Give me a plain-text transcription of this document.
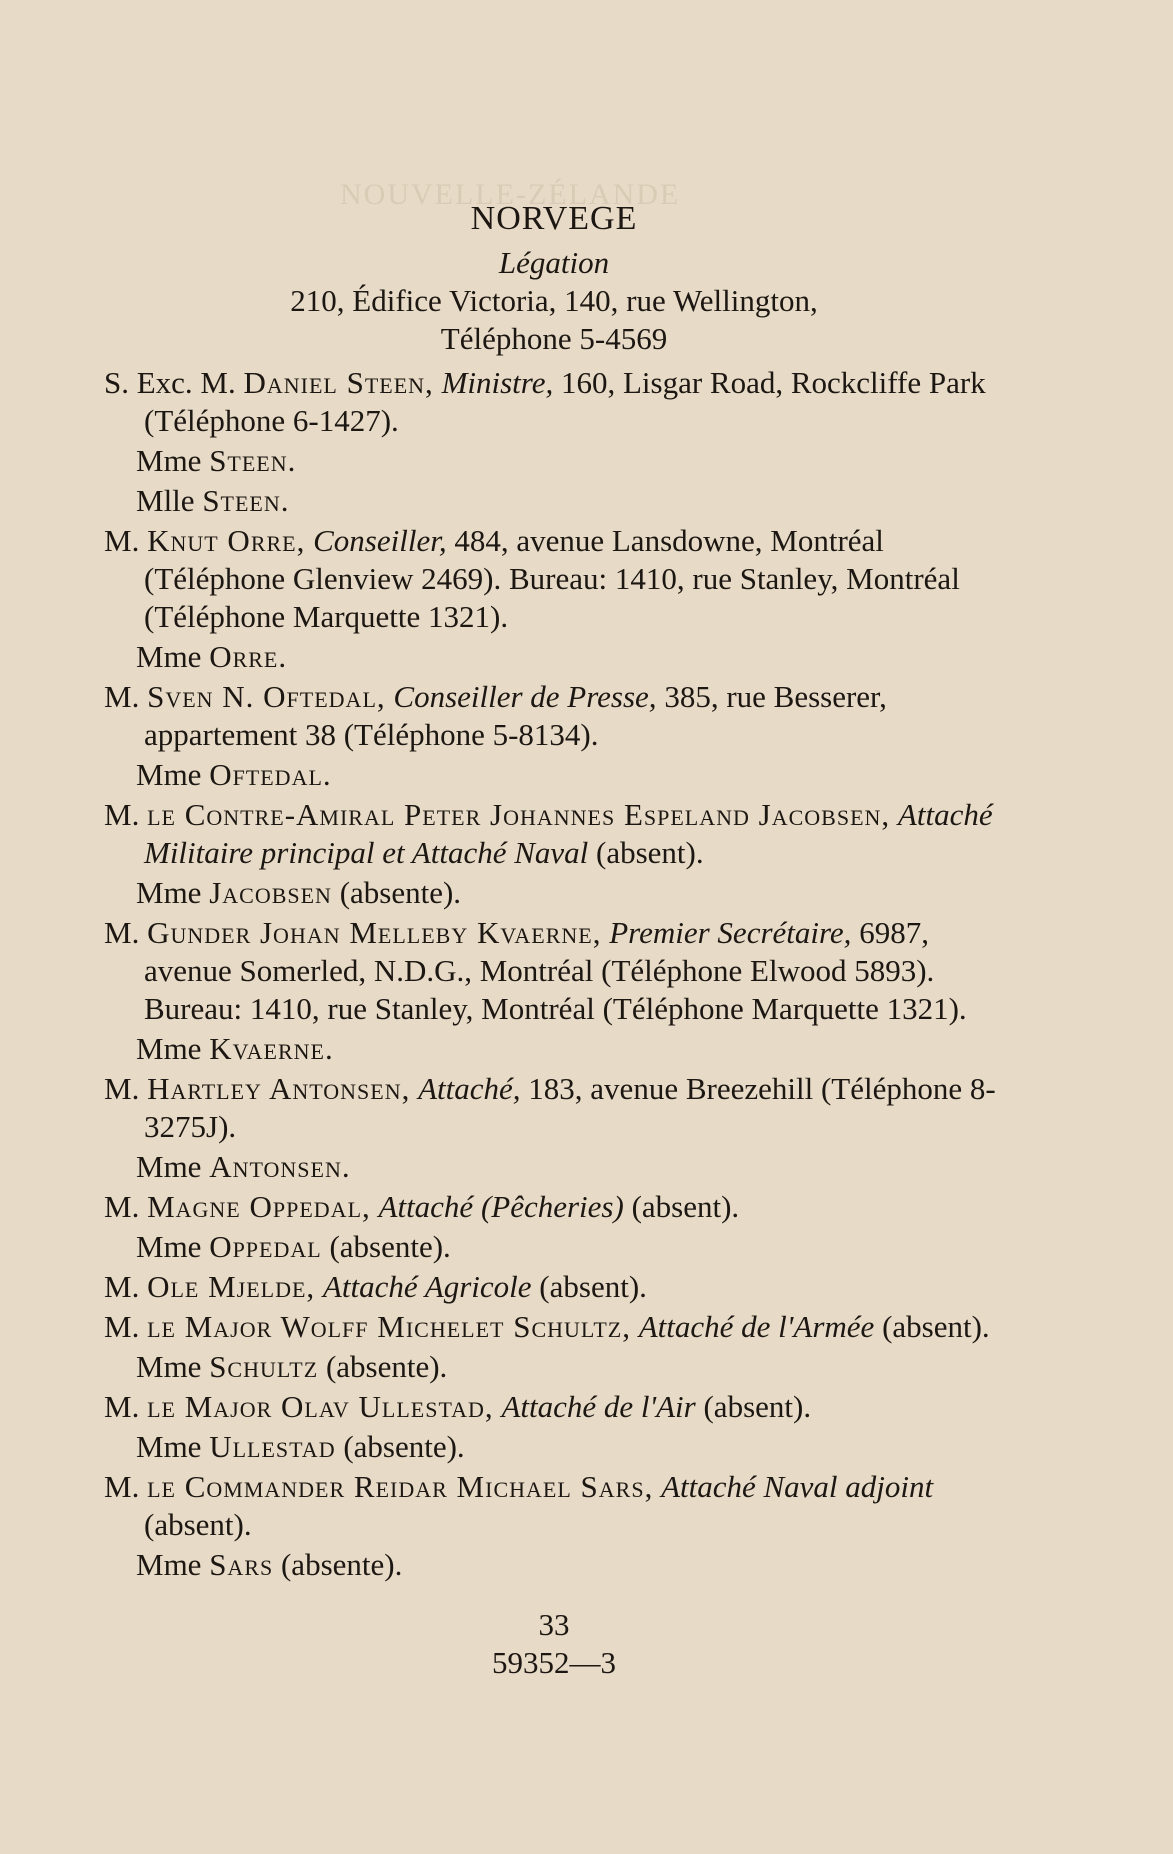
NOUVELLE-ZÉLANDE
NORVEGE
Légation
210, Édifice Victoria, 140, rue Wellington,
Téléphone 5-4569

S. Exc. M. Daniel Steen, Ministre, 160, Lisgar Road, Rockcliffe Park (Téléphone 6-1427).

Mme Steen.

Mlle Steen.

M. Knut Orre, Conseiller, 484, avenue Lansdowne, Montréal (Téléphone Glenview 2469). Bureau: 1410, rue Stanley, Montréal (Téléphone Marquette 1321).

Mme Orre.

M. Sven N. Oftedal, Conseiller de Presse, 385, rue Besserer, appartement 38 (Téléphone 5-8134).

Mme Oftedal.

M. le Contre-Amiral Peter Johannes Espeland Jacobsen, Attaché Militaire principal et Attaché Naval (absent).

Mme Jacobsen (absente).

M. Gunder Johan Melleby Kvaerne, Premier Secrétaire, 6987, avenue Somerled, N.D.G., Montréal (Téléphone Elwood 5893). Bureau: 1410, rue Stanley, Montréal (Téléphone Marquette 1321).

Mme Kvaerne.

M. Hartley Antonsen, Attaché, 183, avenue Breezehill (Téléphone 8-3275J).

Mme Antonsen.

M. Magne Oppedal, Attaché (Pêcheries) (absent).

Mme Oppedal (absente).

M. Ole Mjelde, Attaché Agricole (absent).

M. le Major Wolff Michelet Schultz, Attaché de l'Armée (absent).

Mme Schultz (absente).

M. le Major Olav Ullestad, Attaché de l'Air (absent).

Mme Ullestad (absente).

M. le Commander Reidar Michael Sars, Attaché Naval adjoint (absent).

Mme Sars (absente).

33
59352—3
